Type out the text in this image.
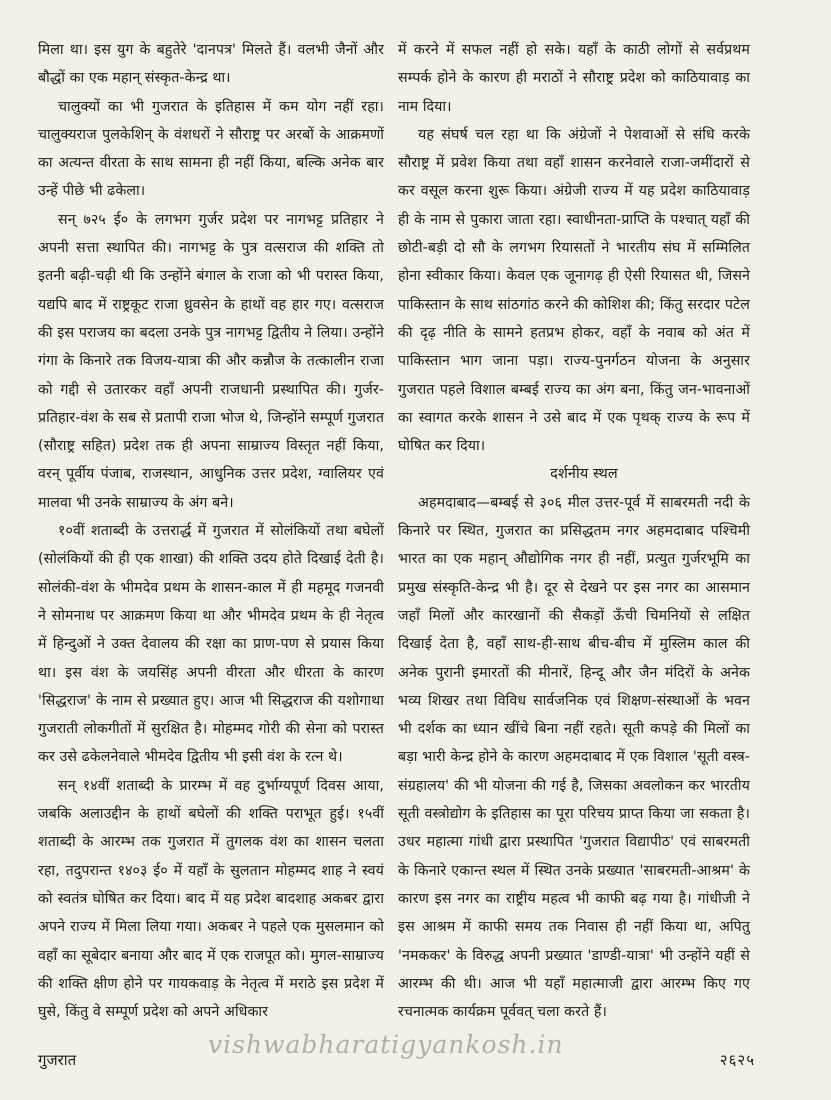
मिला था। इस युग के बहुतेरे 'दानपत्र' मिलते हैं। वलभी जैनों और बौद्धों का एक महान् संस्कृत-केन्द्र था।

चालुक्यों का भी गुजरात के इतिहास में कम योग नहीं रहा। चालुक्यराज पुलकेशिन् के वंशधरों ने सौराष्ट्र पर अरबों के आक्रमणों का अत्यन्त वीरता के साथ सामना ही नहीं किया, बल्कि अनेक बार उन्हें पीछे भी ढकेला।

सन् ७२५ ई० के लगभग गुर्जर प्रदेश पर नागभट्ट प्रतिहार ने अपनी सत्ता स्थापित की। नागभट्ट के पुत्र वत्सराज की शक्ति तो इतनी बढ़ी-चढ़ी थी कि उन्होंने बंगाल के राजा को भी परास्त किया, यद्यपि बाद में राष्ट्रकूट राजा ध्रुवसेन के हाथों वह हार गए। वत्सराज की इस पराजय का बदला उनके पुत्र नागभट्ट द्वितीय ने लिया। उन्होंने गंगा के किनारे तक विजय-यात्रा की और कन्नौज के तत्कालीन राजा को गद्दी से उतारकर वहाँ अपनी राजधानी प्रस्थापित की। गुर्जर-प्रतिहार-वंश के सब से प्रतापी राजा भोज थे, जिन्होंने सम्पूर्ण गुजरात (सौराष्ट्र सहित) प्रदेश तक ही अपना साम्राज्य विस्तृत नहीं किया, वरन् पूर्वीय पंजाब, राजस्थान, आधुनिक उत्तर प्रदेश, ग्वालियर एवं मालवा भी उनके साम्राज्य के अंग बने।

१०वीं शताब्दी के उत्तरार्द्ध में गुजरात में सोलंकियों तथा बघेलों (सोलंकियों की ही एक शाखा) की शक्ति उदय होते दिखाई देती है। सोलंकी-वंश के भीमदेव प्रथम के शासन-काल में ही महमूद गजनवी ने सोमनाथ पर आक्रमण किया था और भीमदेव प्रथम के ही नेतृत्व में हिन्दुओं ने उक्त देवालय की रक्षा का प्राण-पण से प्रयास किया था। इस वंश के जयसिंह अपनी वीरता और धीरता के कारण 'सिद्धराज' के नाम से प्रख्यात हुए। आज भी सिद्धराज की यशोगाथा गुजराती लोकगीतों में सुरक्षित है। मोहम्मद गोरी की सेना को परास्त कर उसे ढकेलनेवाले भीमदेव द्वितीय भी इसी वंश के रत्न थे।

सन् १४वीं शताब्दी के प्रारम्भ में वह दुर्भाग्यपूर्ण दिवस आया, जबकि अलाउद्दीन के हाथों बघेलों की शक्ति पराभूत हुई। १५वीं शताब्दी के आरम्भ तक गुजरात में तुगलक वंश का शासन चलता रहा, तदुपरान्त १४०३ ई० में यहाँ के सुलतान मोहम्मद शाह ने स्वयं को स्वतंत्र घोषित कर दिया। बाद में यह प्रदेश बादशाह अकबर द्वारा अपने राज्य में मिला लिया गया। अकबर ने पहले एक मुसलमान को वहाँ का सूबेदार बनाया और बाद में एक राजपूत को। मुगल-साम्राज्य की शक्ति क्षीण होने पर गायकवाड़ के नेतृत्व में मराठे इस प्रदेश में घुसे, किंतु वे सम्पूर्ण प्रदेश को अपने अधिकार

में करने में सफल नहीं हो सके। यहाँ के काठी लोगों से सर्वप्रथम सम्पर्क होने के कारण ही मराठों ने सौराष्ट्र प्रदेश को काठियावाड़ का नाम दिया।

यह संघर्ष चल रहा था कि अंग्रेजों ने पेशवाओं से संधि करके सौराष्ट्र में प्रवेश किया तथा वहाँ शासन करनेवाले राजा-जमींदारों से कर वसूल करना शुरू किया। अंग्रेजी राज्य में यह प्रदेश काठियावाड़ ही के नाम से पुकारा जाता रहा। स्वाधीनता-प्राप्ति के पश्चात् यहाँ की छोटी-बड़ी दो सौ के लगभग रियासतों ने भारतीय संघ में सम्मिलित होना स्वीकार किया। केवल एक जूनागढ़ ही ऐसी रियासत थी, जिसने पाकिस्तान के साथ सांठगांठ करने की कोशिश की; किंतु सरदार पटेल की दृढ़ नीति के सामने हतप्रभ होकर, वहाँ के नवाब को अंत में पाकिस्तान भाग जाना पड़ा। राज्य-पुनर्गठन योजना के अनुसार गुजरात पहले विशाल बम्बई राज्य का अंग बना, किंतु जन-भावनाओं का स्वागत करके शासन ने उसे बाद में एक पृथक् राज्य के रूप में घोषित कर दिया।

दर्शनीय स्थल

अहमदाबाद—बम्बई से ३०६ मील उत्तर-पूर्व में साबरमती नदी के किनारे पर स्थित, गुजरात का प्रसिद्धतम नगर अहमदाबाद पश्चिमी भारत का एक महान् औद्योगिक नगर ही नहीं, प्रत्युत गुर्जरभूमि का प्रमुख संस्कृति-केन्द्र भी है। दूर से देखने पर इस नगर का आसमान जहाँ मिलों और कारखानों की सैकड़ों ऊँची चिमनियों से लक्षित दिखाई देता है, वहाँ साथ-ही-साथ बीच-बीच में मुस्लिम काल की अनेक पुरानी इमारतों की मीनारें, हिन्दू और जैन मंदिरों के अनेक भव्य शिखर तथा विविध सार्वजनिक एवं शिक्षण-संस्थाओं के भवन भी दर्शक का ध्यान खींचे बिना नहीं रहते। सूती कपड़े की मिलों का बड़ा भारी केन्द्र होने के कारण अहमदाबाद में एक विशाल 'सूती वस्त्र-संग्रहालय' की भी योजना की गई है, जिसका अवलोकन कर भारतीय सूती वस्त्रोद्योग के इतिहास का पूरा परिचय प्राप्त किया जा सकता है। उधर महात्मा गांधी द्वारा प्रस्थापित 'गुजरात विद्यापीठ' एवं साबरमती के किनारे एकान्त स्थल में स्थित उनके प्रख्यात 'साबरमती-आश्रम' के कारण इस नगर का राष्ट्रीय महत्व भी काफी बढ़ गया है। गांधीजी ने इस आश्रम में काफी समय तक निवास ही नहीं किया था, अपितु 'नमककर' के विरुद्ध अपनी प्रख्यात 'डाण्डी-यात्रा' भी उन्होंने यहीं से आरम्भ की थी। आज भी यहाँ महात्माजी द्वारा आरम्भ किए गए रचनात्मक कार्यक्रम पूर्ववत् चला करते हैं।

vishwabharatigyankosh.in
गुजरात	२६२५
